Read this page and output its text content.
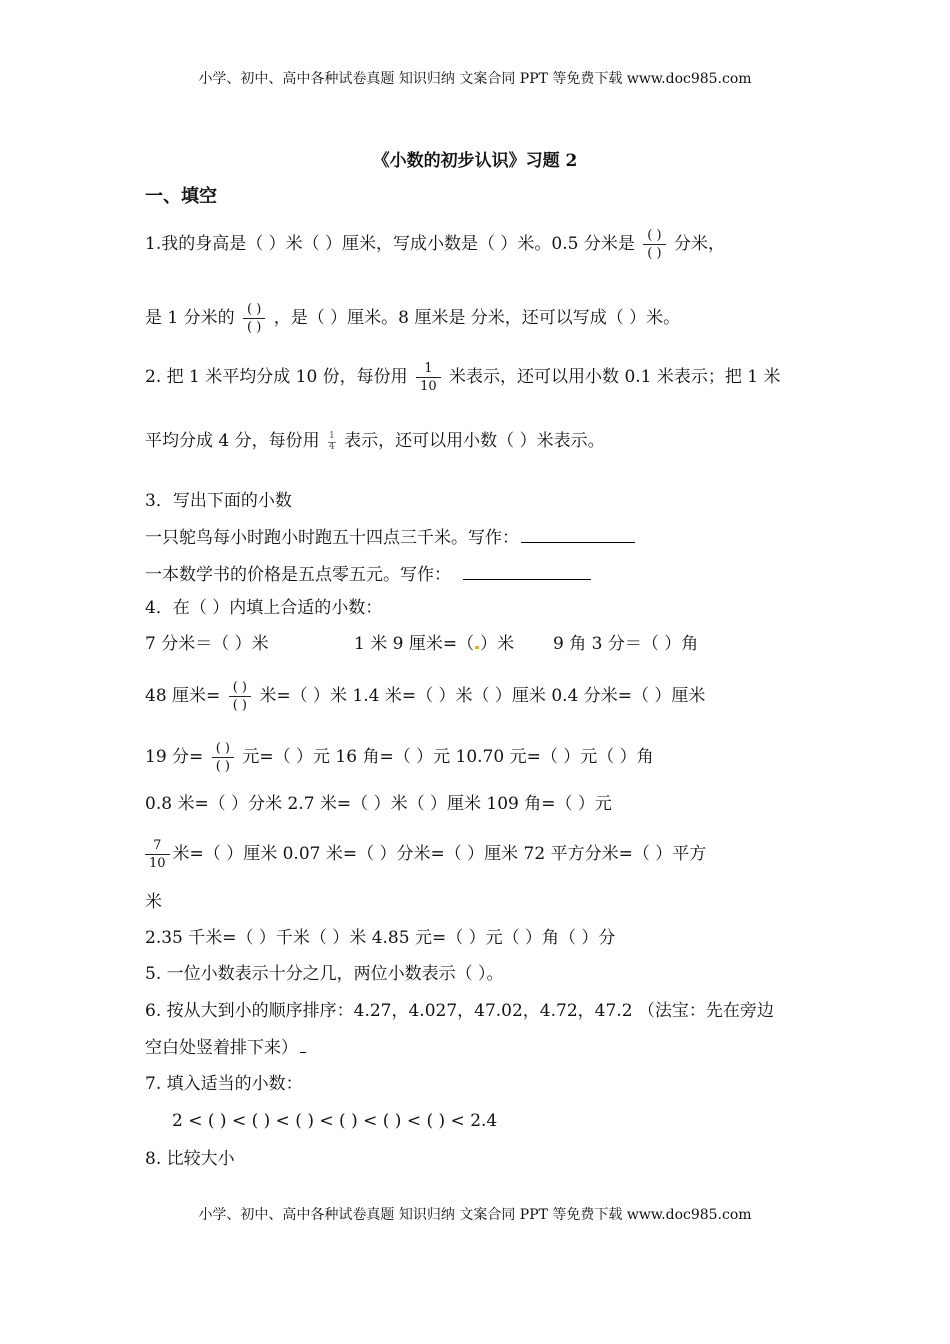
小学、初中、高中各种试卷真题 知识归纳 文案合同 PPT 等免费下载 www.doc985.com
《小数的初步认识》习题 2
一、填空
1.我的身高是（ ）米（ ）厘米，写成小数是（ ）米。0.5 分米是 $\frac{( )}{( )}$ 分米，
是 1 分米的 $\frac{( )}{( )}$ ，是（ ）厘米。8 厘米是 分米，还可以写成（ ）米。
2. 把 1 米平均分成 10 份，每份用 $\frac{1}{10}$ 米表示，还可以用小数 0.1 米表示；把 1 米
平均分成 4 分，每份用 $\frac{1}{4}$ 表示，还可以用小数（ ）米表示。
3．写出下面的小数
一只鸵鸟每小时跑小时跑五十四点三千米。写作：
一本数学书的价格是五点零五元。写作：
4．在（ ）内填上合适的小数：
7 分米＝（ ）米	1 米 9 厘米=（ ）米 9 角 3 分＝（ ）角
48 厘米= $\frac{( )}{( )}$ 米=（ ）米 1.4 米=（ ）米（ ）厘米 0.4 分米=（ ）厘米
19 分= $\frac{( )}{( )}$ 元=（ ）元 16 角=（ ）元 10.70 元=（ ）元（ ）角
0.8 米=（ ）分米 2.7 米=（ ）米（ ）厘米 109 角=（ ）元
$\frac{7}{10}$ 米=（ ）厘米 0.07 米=（ ）分米=（ ）厘米 72 平方分米=（ ）平方
米
2.35 千米=（ ）千米（ ）米 4.85 元=（ ）元（ ）角（ ）分
5. 一位小数表示十分之几，两位小数表示（ ）。
6. 按从大到小的顺序排序：4.27，4.027，47.02，4.72，47.2 （法宝：先在旁边
空白处竖着排下来）
7. 填入适当的小数：
2 < ( ) < ( ) < ( ) < ( ) < ( ) < ( ) < 2.4
8. 比较大小
小学、初中、高中各种试卷真题 知识归纳 文案合同 PPT 等免费下载 www.doc985.com
